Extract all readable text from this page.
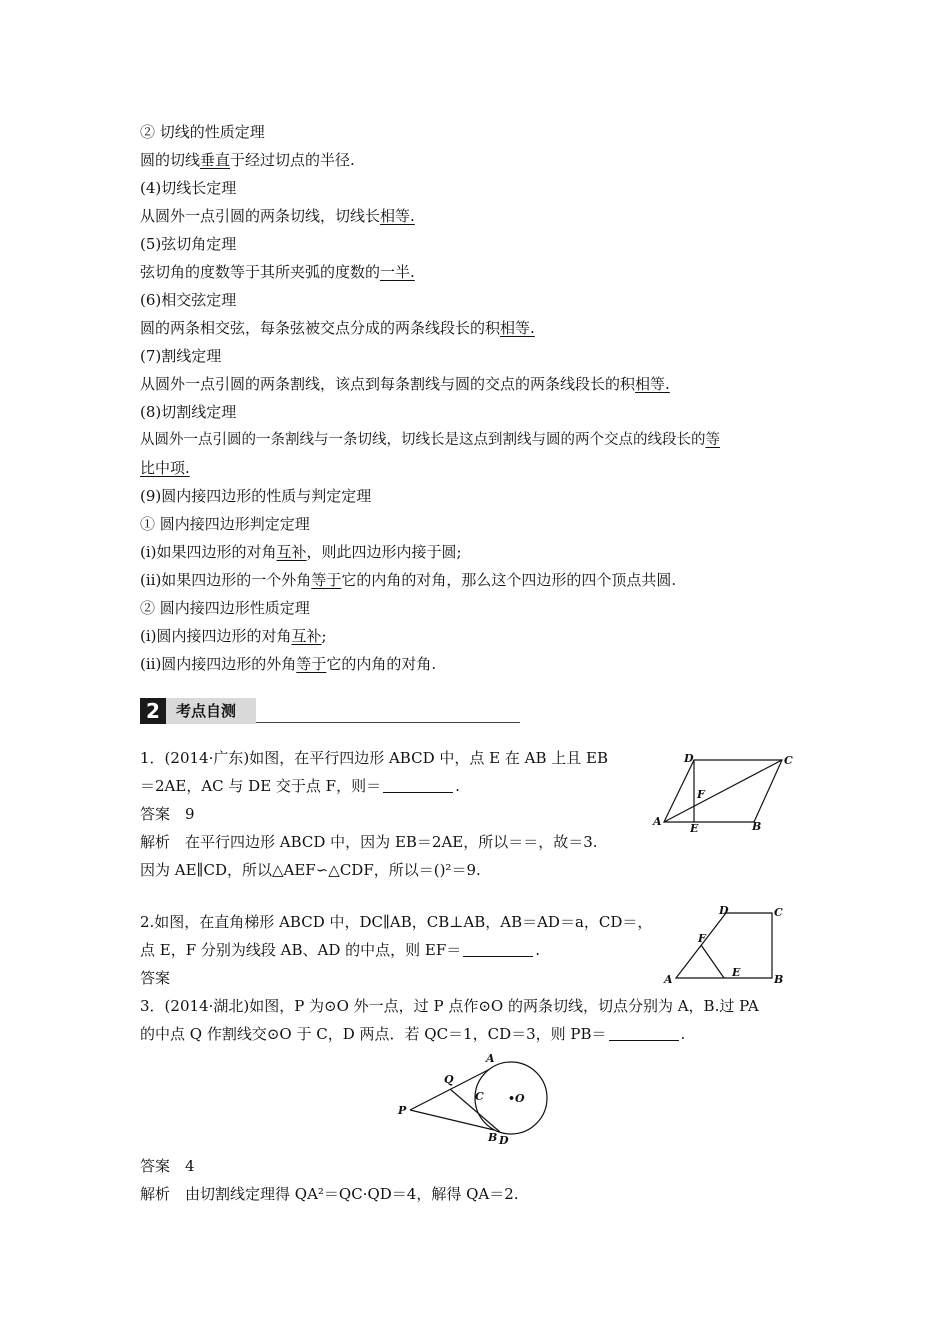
② 切线的性质定理
圆的切线垂直于经过切点的半径.
(4)切线长定理
从圆外一点引圆的两条切线，切线长相等.
(5)弦切角定理
弦切角的度数等于其所夹弧的度数的一半.
(6)相交弦定理
圆的两条相交弦，每条弦被交点分成的两条线段长的积相等.
(7)割线定理
从圆外一点引圆的两条割线，该点到每条割线与圆的交点的两条线段长的积相等.
(8)切割线定理
从圆外一点引圆的一条割线与一条切线，切线长是这点到割线与圆的两个交点的线段长的等
比中项.
(9)圆内接四边形的性质与判定定理
① 圆内接四边形判定定理
(ⅰ)如果四边形的对角互补，则此四边形内接于圆;
(ⅱ)如果四边形的一个外角等于它的内角的对角，那么这个四边形的四个顶点共圆.
② 圆内接四边形性质定理
(ⅰ)圆内接四边形的对角互补;
(ⅱ)圆内接四边形的外角等于它的内角的对角.
2	考点自测
1．(2014·广东)如图，在平行四边形 ABCD 中，点 E 在 AB 上且 EB
＝2AE，AC 与 DE 交于点 F，则＝	.
答案　9
解析　在平行四边形 ABCD 中，因为 EB＝2AE，所以＝＝，故＝3.
因为 AE∥CD，所以△AEF∽△CDF，所以＝()²＝9.
A	B
C
D
E
F
2.如图，在直角梯形 ABCD 中，DC∥AB，CB⊥AB，AB＝AD＝a，CD＝，
点 E，F 分别为线段 AB、AD 的中点，则 EF＝	.
答案	A	B
C
D
E
F
3．(2014·湖北)如图，P 为⊙O 外一点，过 P 点作⊙O 的两条切线，切点分别为 A，B.过 PA
的中点 Q 作割线交⊙O 于 C，D 两点．若 QC＝1，CD＝3，则 PB＝	.
P
Q
A
B
C
D
•O
答案　4
解析　由切割线定理得 QA²＝QC·QD＝4，解得 QA＝2.
